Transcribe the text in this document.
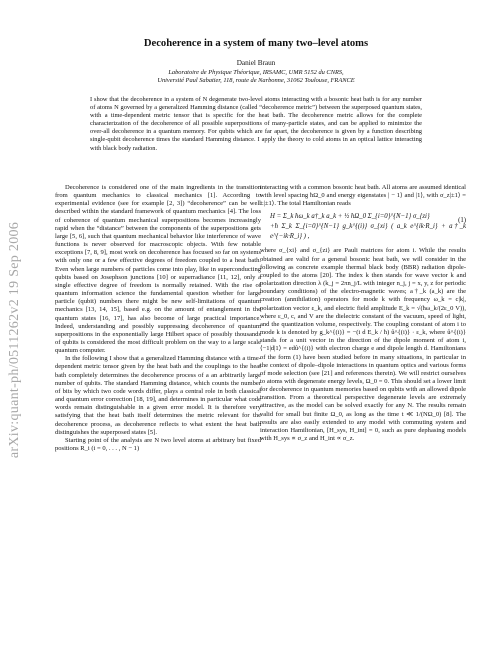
arXiv:quant-ph/0511262v2 19 Sep 2006
Decoherence in a system of many two–level atoms
Daniel Braun
Laboratoire de Physique Théorique, IRSAMC, UMR 5152 du CNRS,
Université Paul Sabatier, 118, route de Narbonne, 31062 Toulouse, FRANCE

I show that the decoherence in a system of N degenerate two-level atoms interacting with a bosonic heat bath is for any number of atoms N governed by a generalized Hamming distance (called “decoherence metric”) between the superposed quantum states, with a time-dependent metric tensor that is specific for the heat bath. The decoherence metric allows for the complete characterization of the decoherence of all possible superpositions of many-particle states, and can be applied to minimize the over-all decoherence in a quantum memory. For qubits which are far apart, the decoherence is given by a function describing single-qubit decoherence times the standard Hamming distance. I apply the theory to cold atoms in an optical lattice interacting with black body radiation.

Decoherence is considered one of the main ingredients in the transition from quantum mechanics to classical mechanics [1]. According to experimental evidence (see for example [2, 3]) “decoherence” can be well described within the standard framework of quantum mechanics [4]. The loss of coherence of quantum mechanical superpositions becomes increasingly rapid when the “distance” between the components of the superpositions gets large [5, 6], such that quantum mechanical behavior like interference of wave functions is never observed for macroscopic objects. With few notable exceptions [7, 8, 9], most work on decoherence has focused so far on systems with only one or a few effective degrees of freedom coupled to a heat bath. Even when large numbers of particles come into play, like in superconducting qubits based on Josephson junctions [10] or superradiance [11, 12], only a single effective degree of freedom is normally retained. With the rise of quantum information science the fundamental question whether for large particle (qubit) numbers there might be new self-limitations of quantum mechanics [13, 14, 15], based e.g. on the amount of entanglement in the quantum states [16, 17], has also become of large practical importance. Indeed, understanding and possibly suppressing decoherence of quantum superpositions in the exponentially large Hilbert space of possibly thousands of qubits is considered the most difficult problem on the way to a large scale quantum computer.

In the following I show that a generalized Hamming distance with a time-dependent metric tensor given by the heat bath and the couplings to the heat bath completely determines the decoherence process of a an arbitrarily large number of qubits. The standard Hamming distance, which counts the number of bits by which two code words differ, plays a central role in both classical and quantum error correction [18, 19], and determines in particular what code words remain distinguishable in a given error model. It is therefore very satisfying that the heat bath itself determines the metric relevant for the decoherence process, as decoherence reflects to what extent the heat bath distinguishes the superposed states [5].

Starting point of the analysis are N two level atoms at arbitrary but fixed positions R_i (i = 0, . . . , N − 1)

interacting with a common bosonic heat bath. All atoms are assumed identical with level spacing ħΩ_0 and energy eigenstates | − 1⟩ and |1⟩, with σ_z|±1⟩ = ±|±1⟩. The total Hamiltonian reads

H = Σ_k ħω_k a†_k a_k + ½ ħΩ_0 Σ_{i=0}^{N−1} σ_{zi}
+ħ Σ_k Σ_{i=0}^{N−1} g_k^{(i)} σ_{xi} ( a_k e^{ik·R_i} + a†_k e^{−ik·R_i} ) ,
(1)

where σ_{xi} and σ_{zi} are Pauli matrices for atom i. While the results obtained are valid for a general bosonic heat bath, we will consider in the following as concrete example thermal black body (BBR) radiation dipole-coupled to the atoms [20]. The index k then stands for wave vector k and polarization direction λ (k_j = 2πn_j/L with integer n_j, j = x, y, z for periodic boundary conditions) of the electro-magnetic waves; a†_k (a_k) are the creation (annihilation) operators for mode k with frequency ω_k = c|k|, polarization vector ε_k, and electric field amplitude E_k = √(ħω_k/(2ε_0 V)), where ε_0, c, and V are the dielectric constant of the vacuum, speed of light, and the quantization volume, respectively. The coupling constant of atom i to mode k is denoted by g_k^{(i)} = −(i d E_k / ħ) û^{(i)} · ε_k, where û^{(i)} stands for a unit vector in the direction of the dipole moment of atom i, ⟨−1|d|1⟩ = edû^{(i)} with electron charge e and dipole length d. Hamiltonians of the form (1) have been studied before in many situations, in particular in the context of dipole–dipole interactions in quantum optics and various forms of mode selection (see [21] and references therein). We will restrict ourselves to atoms with degenerate energy levels, Ω_0 = 0. This should set a lower limit for decoherence in quantum memories based on qubits with an allowed dipole transition. From a theoretical perspective degenerate levels are extremely attractive, as the model can be solved exactly for any N. The results remain valid for small but finite Ω_0, as long as the time t ≪ 1/(NΩ_0) [8]. The results are also easily extended to any model with commuting system and interaction Hamiltonian, [H_sys, H_int] = 0, such as pure dephasing models with H_sys ∝ σ_z and H_int ∝ σ_z.
